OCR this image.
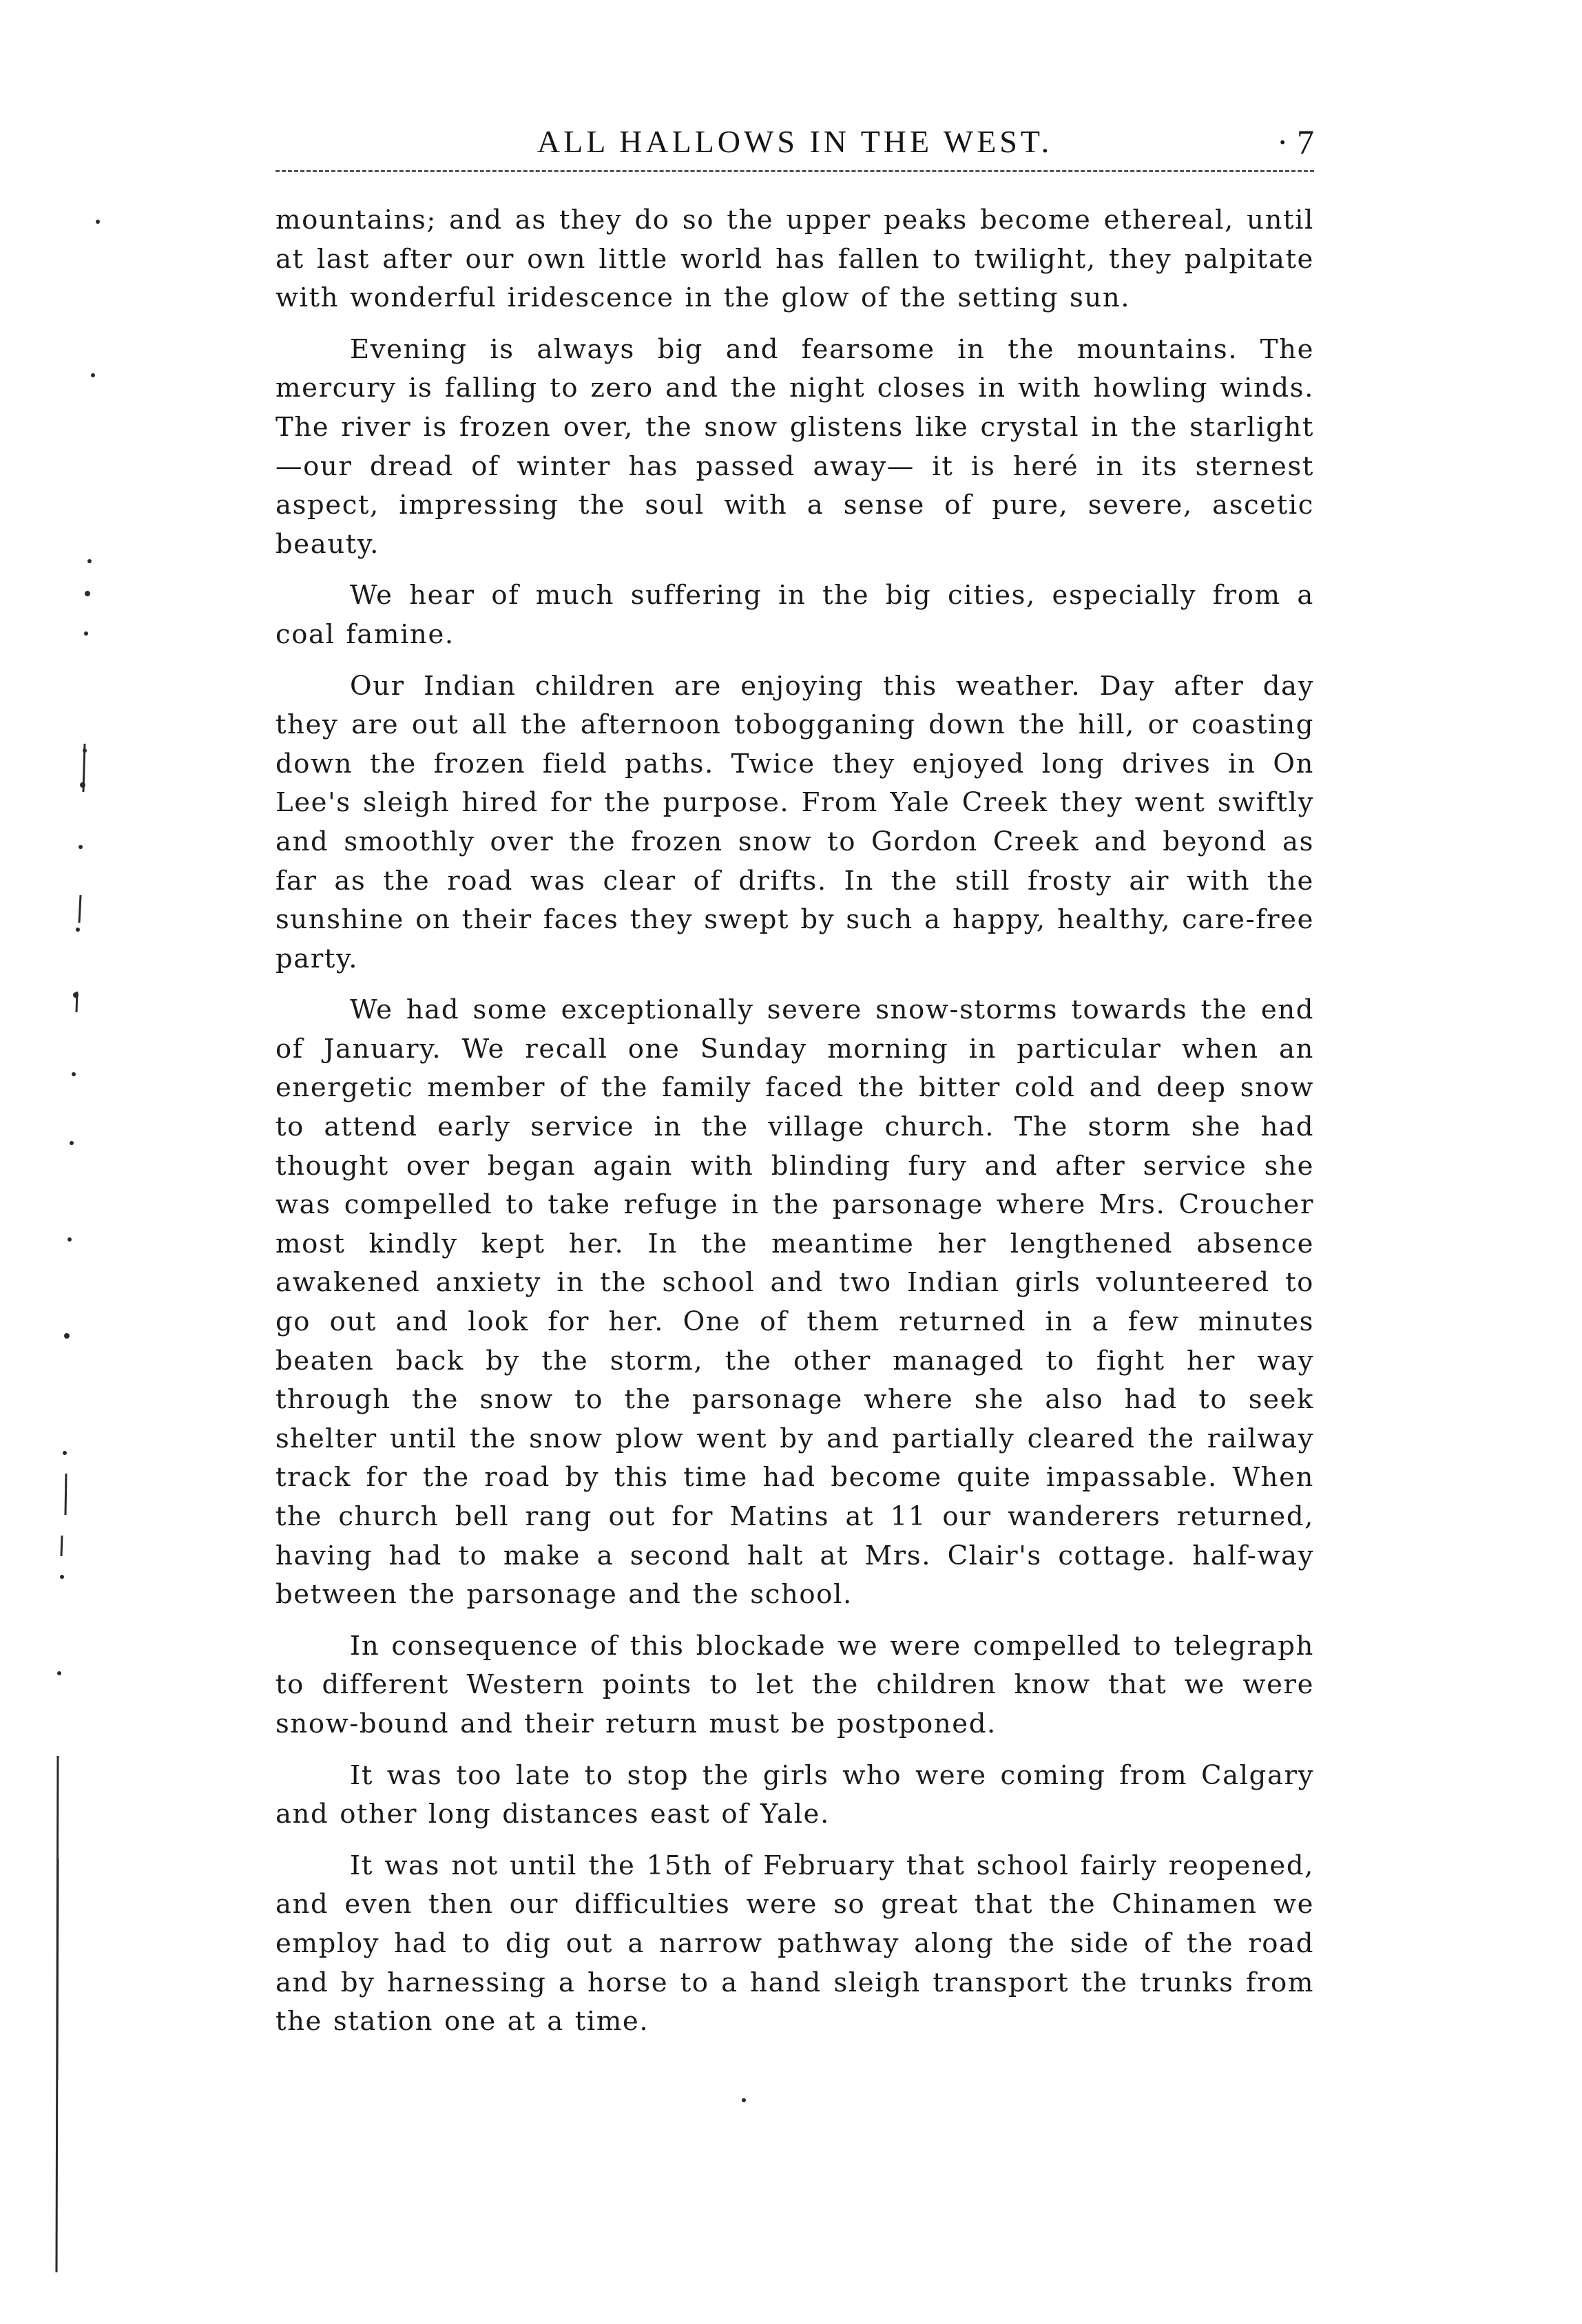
ALL HALLOWS IN THE WEST.	· 7

mountains; and as they do so the upper peaks become ethereal, until at last after our own little world has fallen to twilight, they palpitate with wonderful iridescence in the glow of the setting sun.

Evening is always big and fearsome in the mountains. The mercury is falling to zero and the night closes in with howling winds. The river is frozen over, the snow glistens like crystal in the starlight—our dread of winter has passed away— it is heré in its sternest aspect, impressing the soul with a sense of pure, severe, ascetic beauty.

We hear of much suffering in the big cities, especially from a coal famine.

Our Indian children are enjoying this weather. Day after day they are out all the afternoon tobogganing down the hill, or coasting down the frozen field paths. Twice they enjoyed long drives in On Lee's sleigh hired for the purpose. From Yale Creek they went swiftly and smoothly over the frozen snow to Gordon Creek and beyond as far as the road was clear of drifts. In the still frosty air with the sunshine on their faces they swept by such a happy, healthy, care-free party.

We had some exceptionally severe snow-storms towards the end of January. We recall one Sunday morning in particular when an energetic member of the family faced the bitter cold and deep snow to attend early service in the village church. The storm she had thought over began again with blinding fury and after service she was compelled to take refuge in the parsonage where Mrs. Croucher most kindly kept her. In the meantime her lengthened absence awakened anxiety in the school and two Indian girls volunteered to go out and look for her. One of them returned in a few minutes beaten back by the storm, the other managed to fight her way through the snow to the parsonage where she also had to seek shelter until the snow plow went by and partially cleared the railway track for the road by this time had become quite impassable. When the church bell rang out for Matins at 11 our wanderers returned, having had to make a second halt at Mrs. Clair's cottage. half-way between the parsonage and the school.

In consequence of this blockade we were compelled to telegraph to different Western points to let the children know that we were snow-bound and their return must be postponed.

It was too late to stop the girls who were coming from Calgary and other long distances east of Yale.

It was not until the 15th of February that school fairly reopened, and even then our difficulties were so great that the Chinamen we employ had to dig out a narrow pathway along the side of the road and by harnessing a horse to a hand sleigh transport the trunks from the station one at a time.
